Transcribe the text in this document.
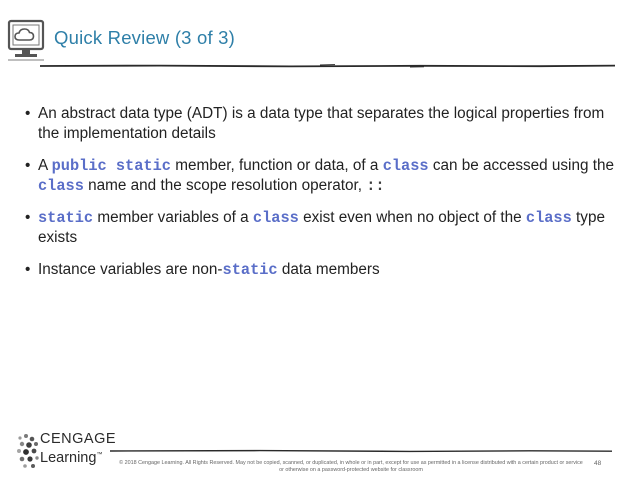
Quick Review (3 of 3)
• An abstract data type (ADT) is a data type that separates the logical properties from the implementation details
• A public static member, function or data, of a class can be accessed using the class name and the scope resolution operator, ::
• static member variables of a class exist even when no object of the class type exists
• Instance variables are non-static data members
CENGAGE
Learning™
© 2018 Cengage Learning. All Rights Reserved. May not be copied, scanned, or duplicated, in whole or in part, except for use as permitted in a license distributed with a certain product or service
or otherwise on a password-protected website for classroom
48
